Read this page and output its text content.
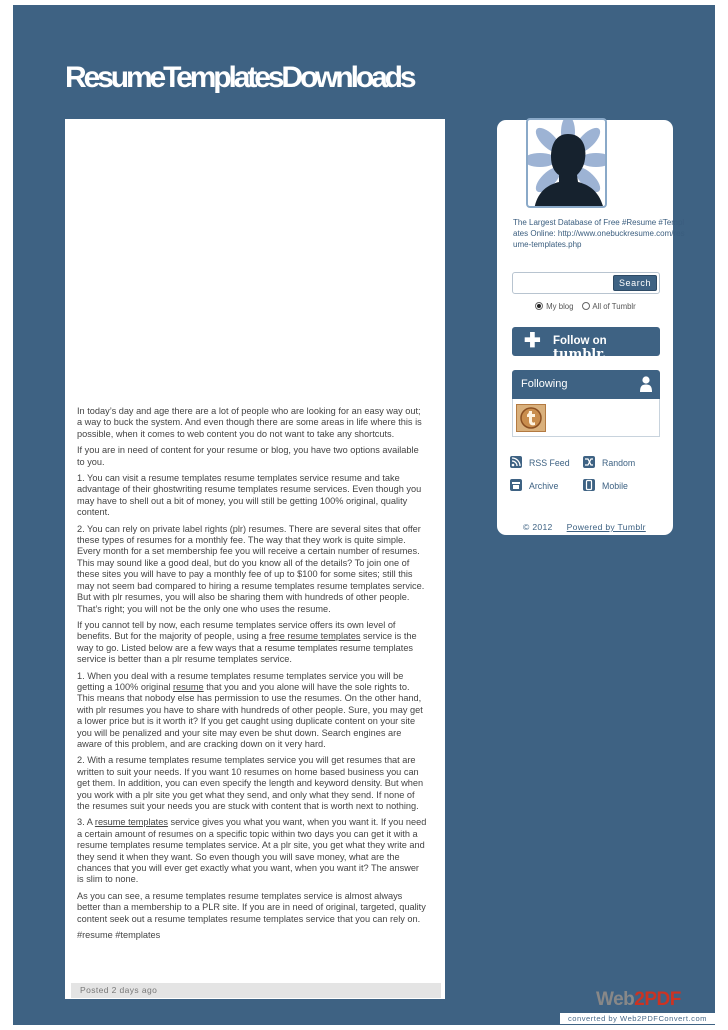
ResumeTemplatesDownloads
The Largest Database of Free #Resume #Templates Online: http://www.onebuckresume.com/resume-templates.php
Search
My blog All of Tumblr
✚ Follow on tumblr.
Following
RSS Feed	Random
Archive	Mobile
© 2012 Powered by Tumblr

In today’s day and age there are a lot of people who are looking for an easy way out; a way to buck the system. And even though there are some areas in life where this is possible, when it comes to web content you do not want to take any shortcuts.

If you are in need of content for your resume or blog, you have two options available to you.

1. You can visit a resume templates resume templates service resume and take advantage of their ghostwriting resume templates resume services. Even though you may have to shell out a bit of money, you will still be getting 100% original, quality content.

2. You can rely on private label rights (plr) resumes. There are several sites that offer these types of resumes for a monthly fee. The way that they work is quite simple. Every month for a set membership fee you will receive a certain number of resumes. This may sound like a good deal, but do you know all of the details? To join one of these sites you will have to pay a monthly fee of up to $100 for some sites; still this may not seem bad compared to hiring a resume templates resume templates service. But with plr resumes, you will also be sharing them with hundreds of other people. That’s right; you will not be the only one who uses the resume.

If you cannot tell by now, each resume templates service offers its own level of benefits. But for the majority of people, using a free resume templates service is the way to go. Listed below are a few ways that a resume templates resume templates service is better than a plr resume templates service.

1. When you deal with a resume templates resume templates service you will be getting a 100% original resume that you and you alone will have the sole rights to. This means that nobody else has permission to use the resumes. On the other hand, with plr resumes you have to share with hundreds of other people. Sure, you may get a lower price but is it worth it? If you get caught using duplicate content on your site you will be penalized and your site may even be shut down. Search engines are aware of this problem, and are cracking down on it very hard.

2. With a resume templates resume templates service you will get resumes that are written to suit your needs. If you want 10 resumes on home based business you can get them. In addition, you can even specify the length and keyword density. But when you work with a plr site you get what they send, and only what they send. If none of the resumes suit your needs you are stuck with content that is worth next to nothing.

3. A resume templates service gives you what you want, when you want it. If you need a certain amount of resumes on a specific topic within two days you can get it with a resume templates resume templates service. At a plr site, you get what they write and they send it when they want. So even though you will save money, what are the chances that you will ever get exactly what you want, when you want it? The answer is slim to none.

As you can see, a resume templates resume templates service is almost always better than a membership to a PLR site. If you are in need of original, targeted, quality content seek out a resume templates resume templates service that you can rely on.

#resume #templates

Posted 2 days ago	Web2PDF
converted by Web2PDFConvert.com
